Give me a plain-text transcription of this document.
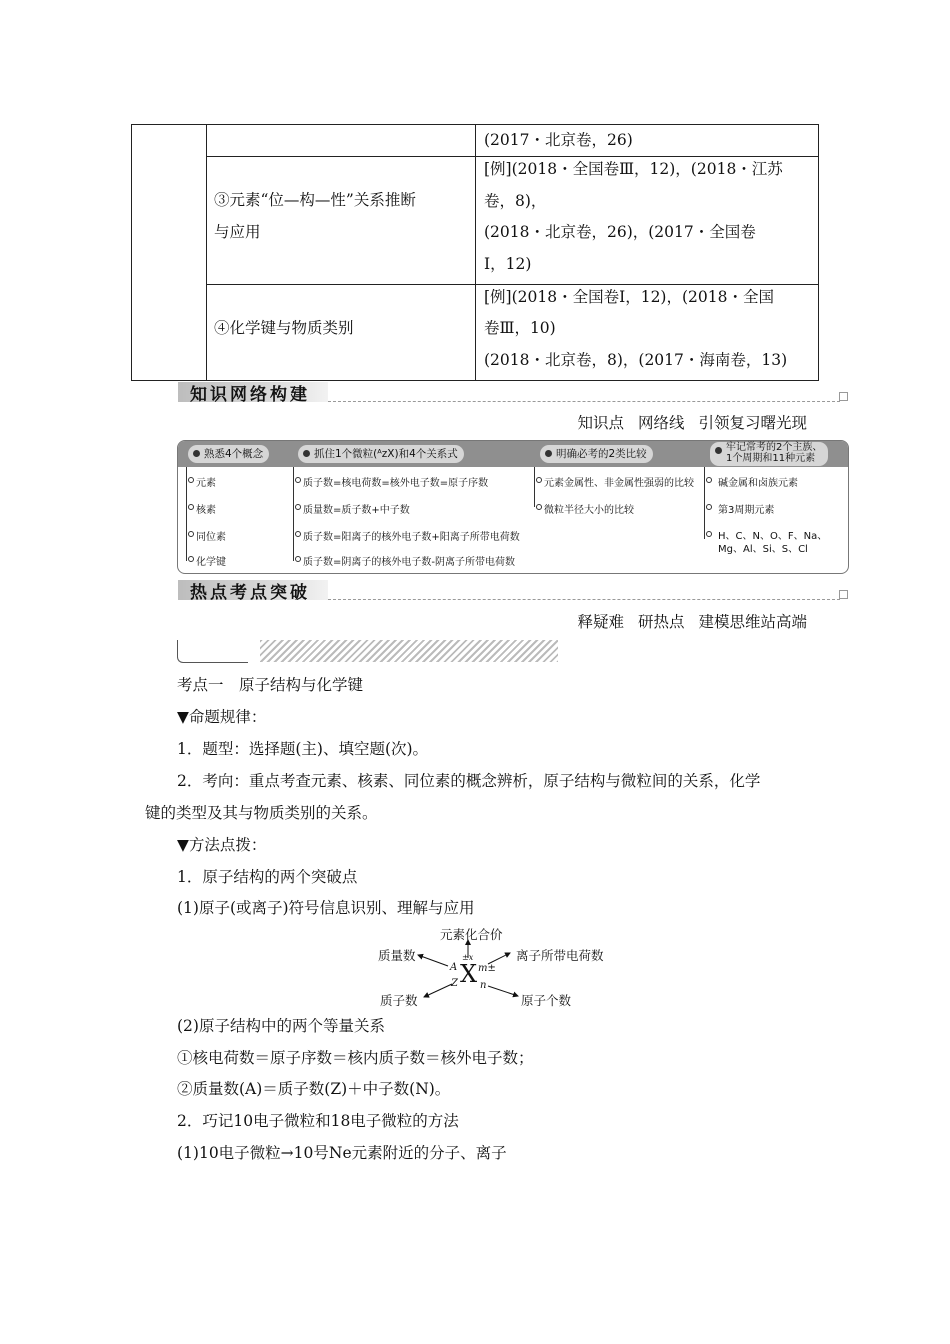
(2017・北京卷，26)
③元素“位—构—性”关系推断
与应用
[例](2018・全国卷Ⅲ，12)，(2018・江苏
卷，8)，
(2018・北京卷，26)，(2017・全国卷
Ⅰ，12)
④化学键与物质类别
[例](2018・全国卷Ⅰ，12)，(2018・全国
卷Ⅲ，10)
(2018・北京卷，8)，(2017・海南卷，13)
知识网络构建
知识点 网络线 引领复习曙光现
熟悉4个概念	抓住1个微粒(ᴬᴢX)和4个关系式	明确必考的2类比较
牢记常考的2个主族、
1个周期和11种元素
元素
核素
同位素
化学键
质子数=核电荷数=核外电子数=原子序数
质量数=质子数+中子数
质子数=阳离子的核外电子数+阳离子所带电荷数
质子数=阴离子的核外电子数-阴离子所带电荷数
元素金属性、非金属性强弱的比较
微粒半径大小的比较
碱金属和卤族元素
第3周期元素
H、C、N、O、F、Na、
Mg、Al、Si、S、Cl
热点考点突破
释疑难 研热点 建模思维站高端
考点一　原子结构与化学键
▼命题规律：
1．题型：选择题(主)、填空题(次)。
2．考向：重点考查元素、核素、同位素的概念辨析，原子结构与微粒间的关系，化学
键的类型及其与物质类别的关系。
▼方法点拨：
1．原子结构的两个突破点
(1)原子(或离子)符号信息识别、理解与应用
元素化合价
质量数	离子所带电荷数
质子数	原子个数
X
A
Z
±x
m±
n
(2)原子结构中的两个等量关系
①核电荷数＝原子序数＝核内质子数＝核外电子数；
②质量数(A)＝质子数(Z)＋中子数(N)。
2．巧记10电子微粒和18电子微粒的方法
(1)10电子微粒→10号Ne元素附近的分子、离子
